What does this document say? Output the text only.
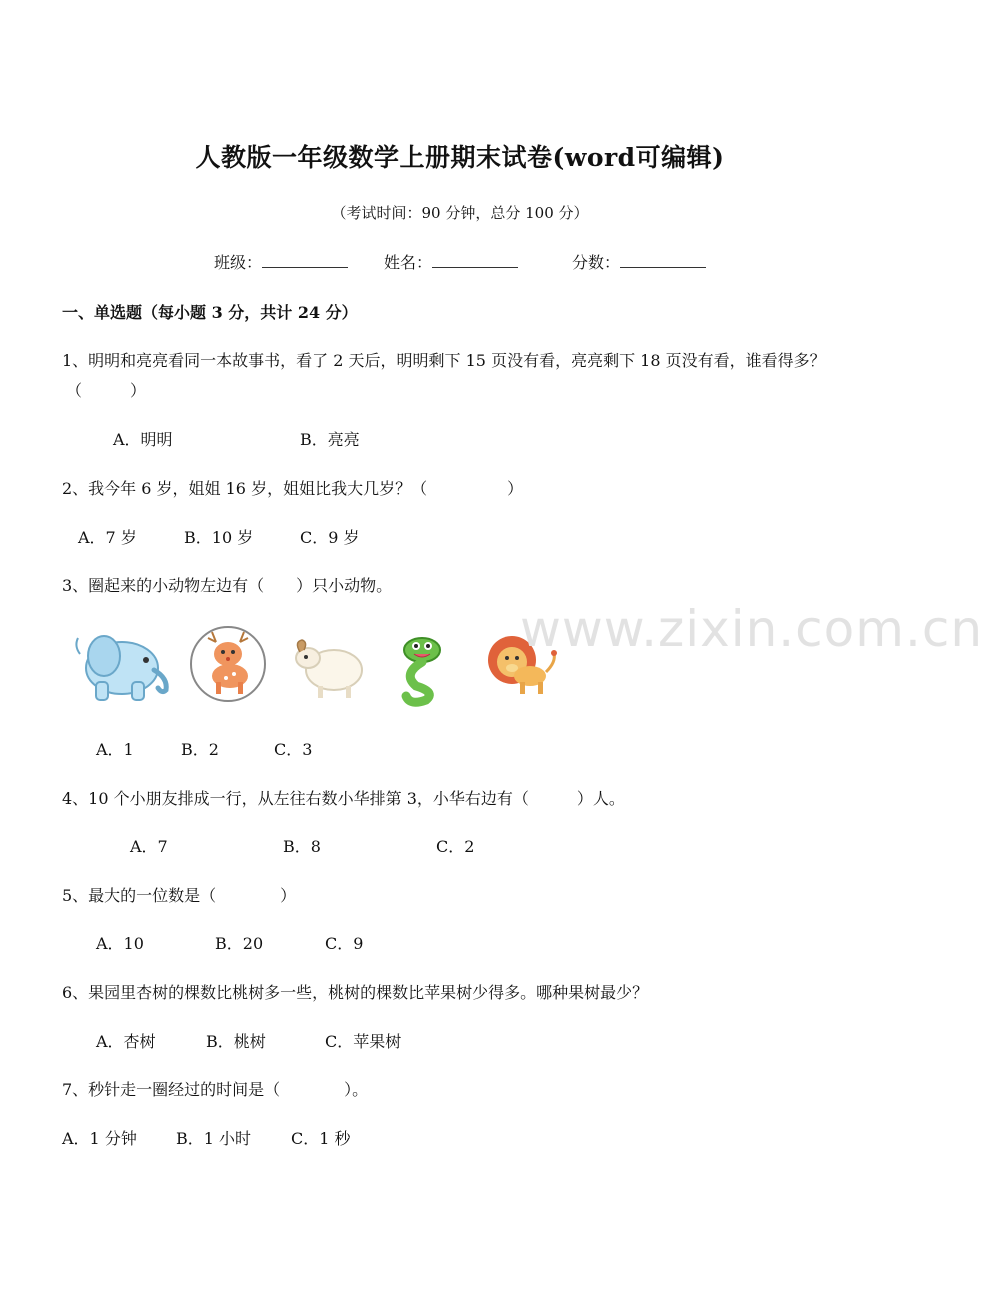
人教版一年级数学上册期末试卷(word可编辑)
（考试时间：90 分钟，总分 100 分）
班级：	姓名：	分数：
一、单选题（每小题 3 分，共计 24 分）
1、明明和亮亮看同一本故事书，看了 2 天后，明明剩下 15 页没有看，亮亮剩下 18 页没有看，谁看得多？
（　　　）
A．明明	B．亮亮
2、我今年 6 岁，姐姐 16 岁，姐姐比我大几岁？（　　　　　）
A．7 岁	B．10 岁	C．9 岁
3、圈起来的小动物左边有（　　）只小动物。
www.zixin.com.cn
A．1	B．2	C．3
4、10 个小朋友排成一行，从左往右数小华排第 3，小华右边有（　　　）人。
A．7	B．8	C．2
5、最大的一位数是（　　　　）
A．10	B．20	C．9
6、果园里杏树的棵数比桃树多一些，桃树的棵数比苹果树少得多。哪种果树最少？
A．杏树	B．桃树	C．苹果树
7、秒针走一圈经过的时间是（　　　　）。
A．1 分钟 B．1 小时 C．1 秒
